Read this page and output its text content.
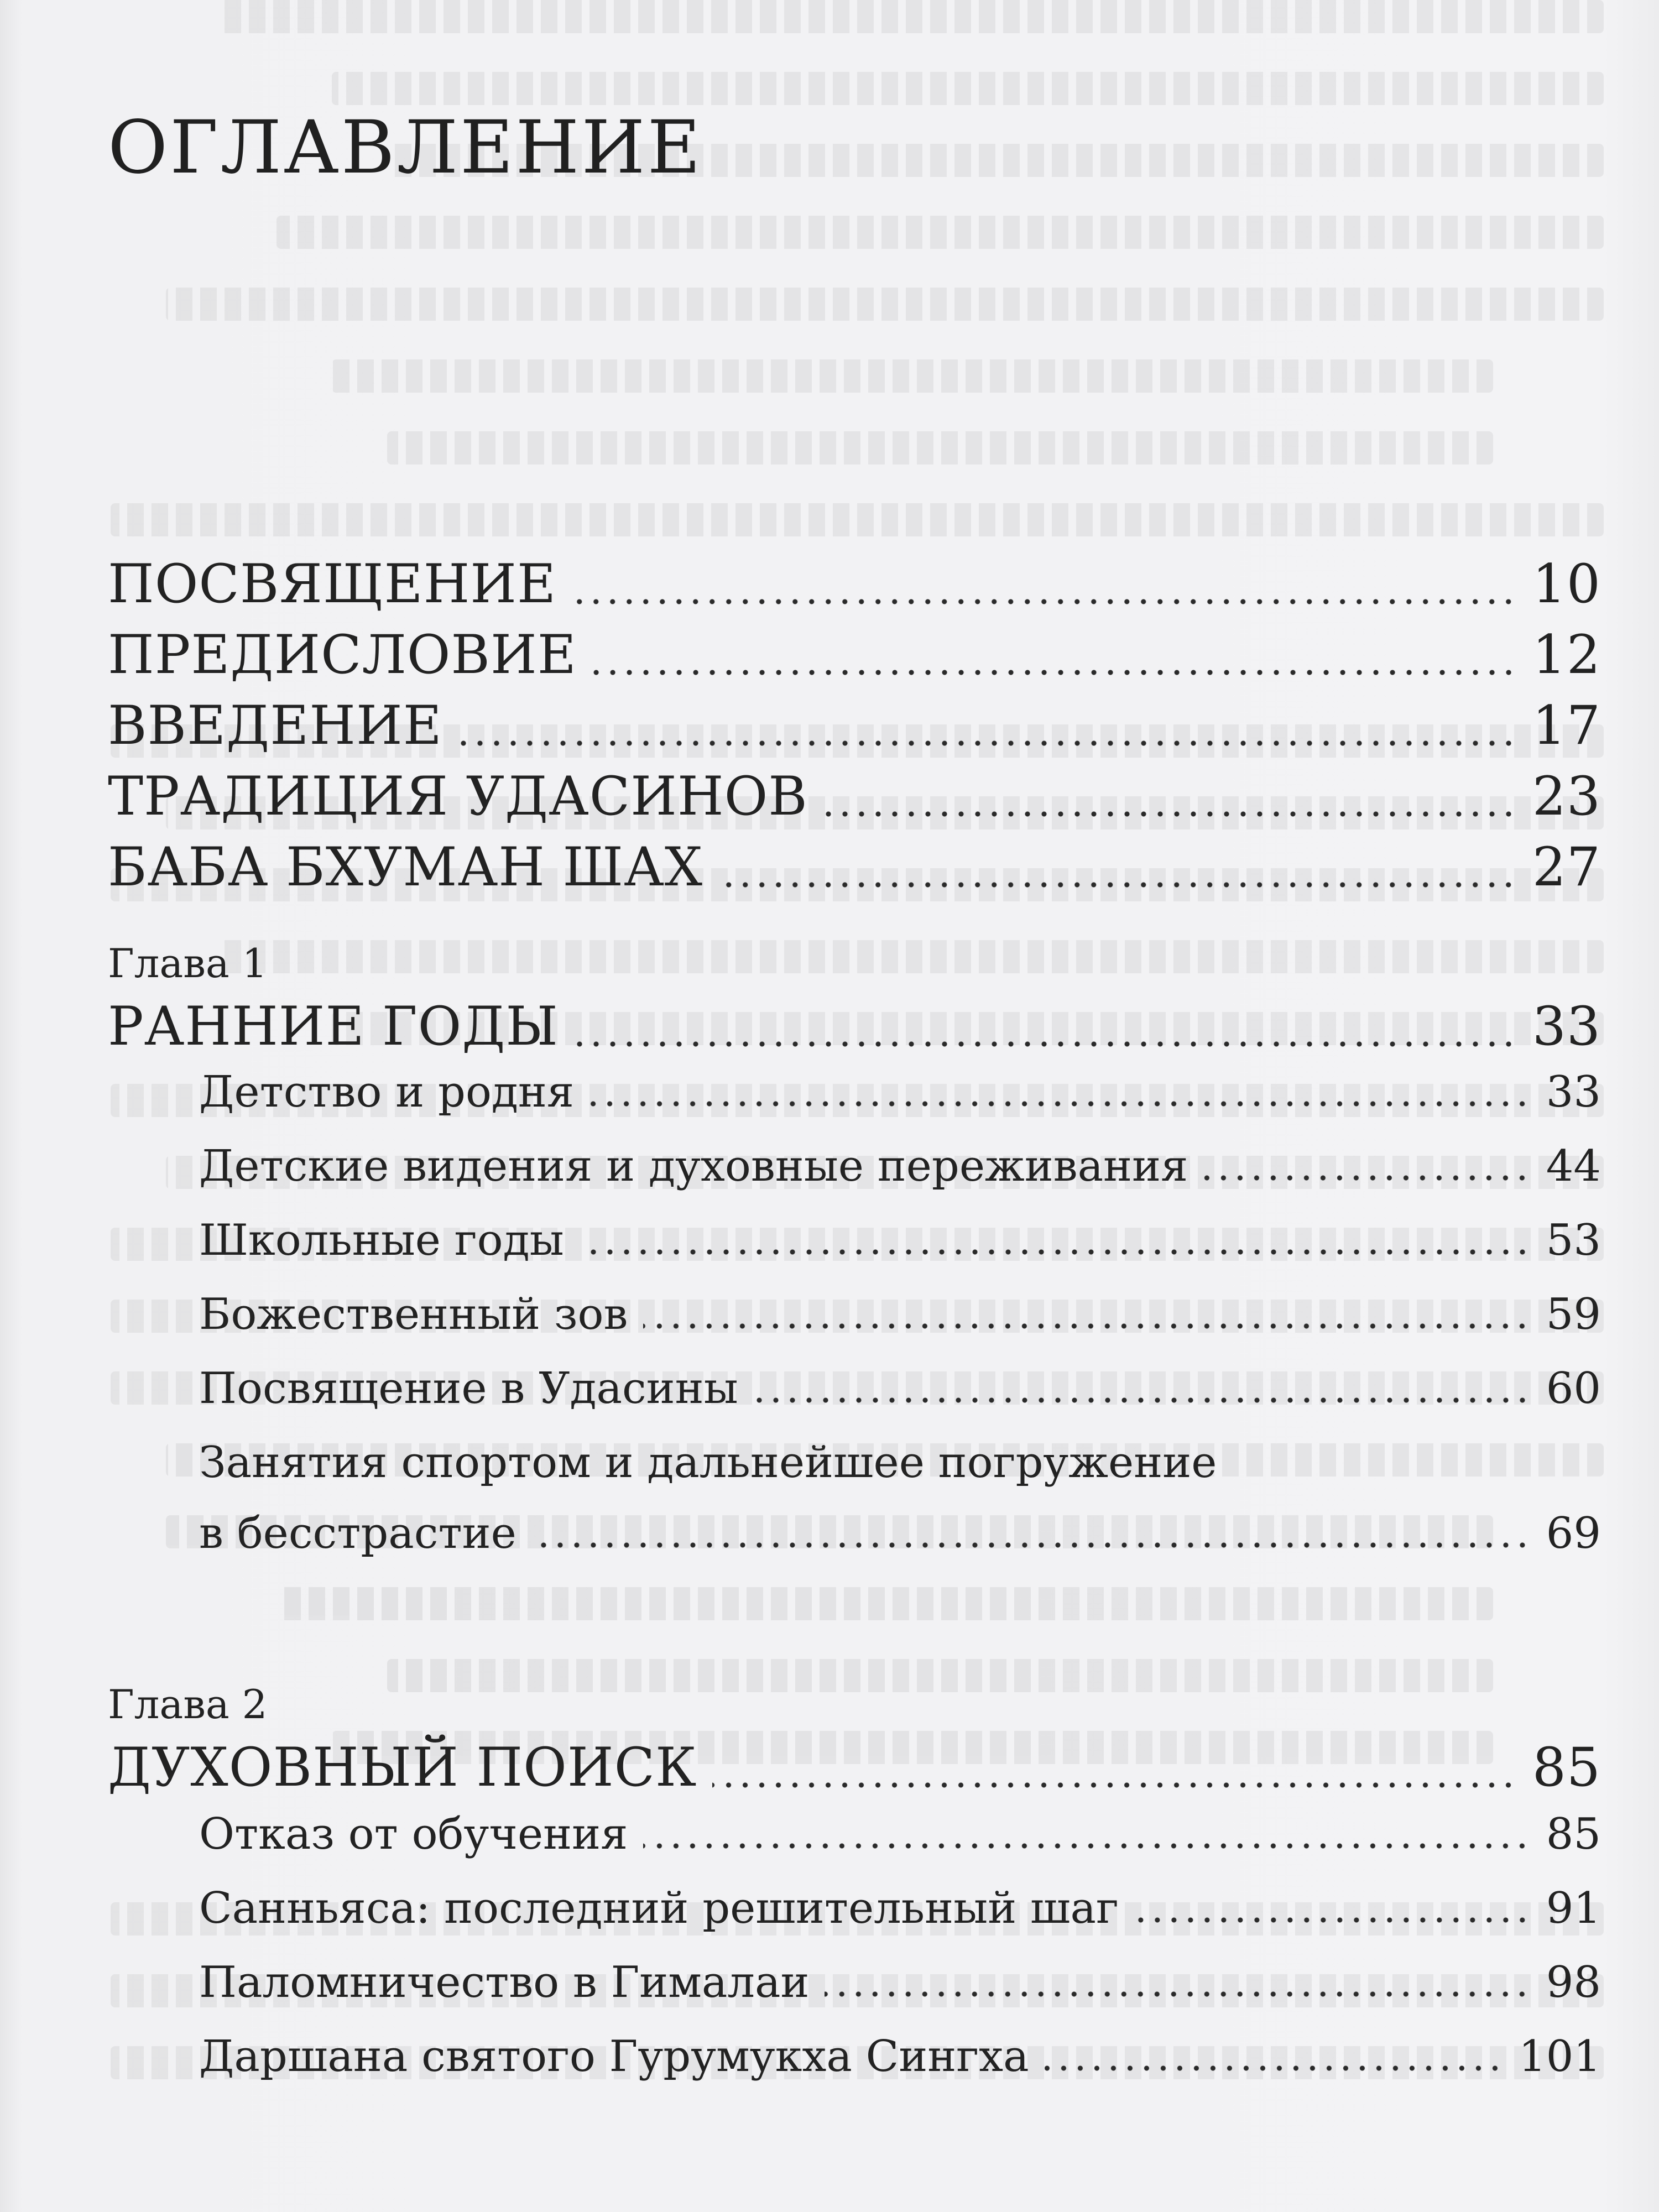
ОГЛАВЛЕНИЕ
ПОСВЯЩЕНИЕ	10
ПРЕДИСЛОВИЕ	12
ВВЕДЕНИЕ	17
ТРАДИЦИЯ УДАСИНОВ	23
БАБА БХУМАН ШАХ	27
Глава 1
РАННИЕ ГОДЫ	33
Детство и родня	33
Детские видения и духовные переживания	44
Школьные годы	53
Божественный зов	59
Посвящение в Удасины	60
Занятия спортом и дальнейшее погружение
в бесстрастие	69
Глава 2
ДУХОВНЫЙ ПОИСК	85
Отказ от обучения	85
Санньяса: последний решительный шаг	91
Паломничество в Гималаи	98
Даршана святого Гурумукха Сингха	101
